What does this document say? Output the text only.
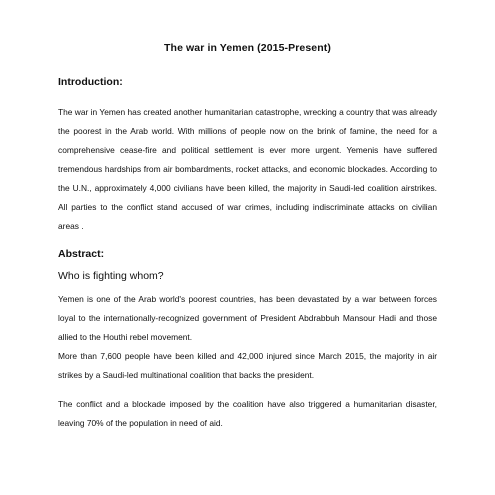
The war in Yemen (2015-Present)
Introduction:

The war in Yemen has created another humanitarian catastrophe, wrecking a country that was already the poorest in the Arab world. With millions of people now on the brink of famine, the need for a comprehensive cease-fire and political settlement is ever more urgent. Yemenis have suffered tremendous hardships from air bombardments, rocket attacks, and economic blockades. According to the U.N., approximately 4,000 civilians have been killed, the majority in Saudi-led coalition airstrikes. All parties to the conflict stand accused of war crimes, including indiscriminate attacks on civilian areas .

Abstract:
Who is fighting whom?

Yemen is one of the Arab world's poorest countries, has been devastated by a war between forces loyal to the internationally-recognized government of President Abdrabbuh Mansour Hadi and those allied to the Houthi rebel movement.

More than 7,600 people have been killed and 42,000 injured since March 2015, the majority in air strikes by a Saudi-led multinational coalition that backs the president.

The conflict and a blockade imposed by the coalition have also triggered a humanitarian disaster, leaving 70% of the population in need of aid.
